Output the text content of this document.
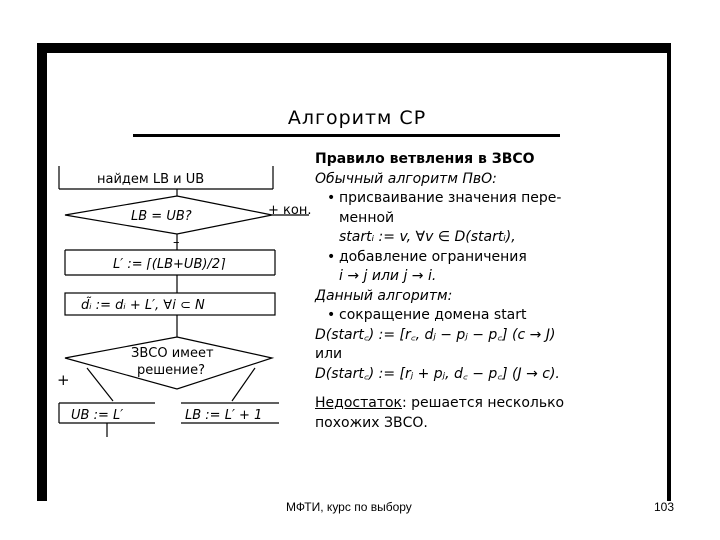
Алгоритм СР
найдем LB и UB
LB = UB?	+ кон.
–
L′ := ⌈(LB+UB)/2⌉
d̃ᵢ := dᵢ + L′, ∀i ⊂ N
ЗВСО имеет
решение?
+
UB := L′	LB := L′ + 1
Правило ветвления в ЗВСО
Обычный алгоритм ПвО:
• присваивание значения пере-
менной
startᵢ := v, ∀v ∈ D(startᵢ),
• добавление ограничения
i → j или j → i.
Данный алгоритм:
• сокращение домена start
D(start꜀) := [r꜀, dⱼ − pⱼ − p꜀] (c → J)
или
D(start꜀) := [rⱼ + pⱼ, d꜀ − p꜀] (J → c).
Недостаток: решается несколько
похожих ЗВСО.
МФТИ, курс по выбору	103
